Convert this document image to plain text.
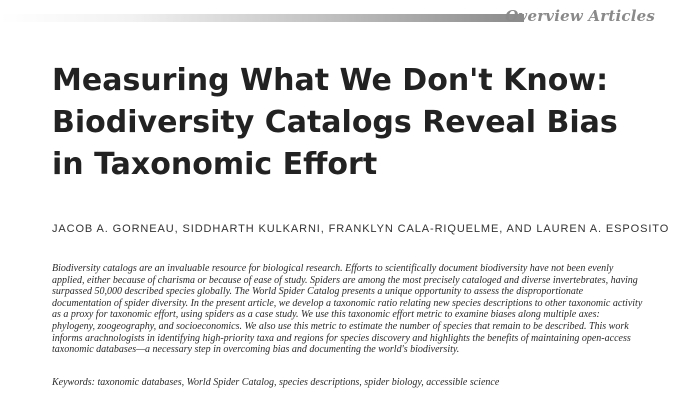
Overview Articles
Measuring What We Don't Know:
Biodiversity Catalogs Reveal Bias
in Taxonomic Effort
JACOB A. GORNEAU, SIDDHARTH KULKARNI, FRANKLYN CALA-RIQUELME, AND LAUREN A. ESPOSITO

Biodiversity catalogs are an invaluable resource for biological research. Efforts to scientifically document biodiversity have not been evenly applied, either because of charisma or because of ease of study. Spiders are among the most precisely cataloged and diverse invertebrates, having surpassed 50,000 described species globally. The World Spider Catalog presents a unique opportunity to assess the disproportionate documentation of spider diversity. In the present article, we develop a taxonomic ratio relating new species descriptions to other taxonomic activity as a proxy for taxonomic effort, using spiders as a case study. We use this taxonomic effort metric to examine biases along multiple axes: phylogeny, zoogeography, and socioeconomics. We also use this metric to estimate the number of species that remain to be described. This work informs arachnologists in identifying high-priority taxa and regions for species discovery and highlights the benefits of maintaining open-access taxonomic databases—a necessary step in overcoming bias and documenting the world's biodiversity.

Keywords: taxonomic databases, World Spider Catalog, species descriptions, spider biology, accessible science
